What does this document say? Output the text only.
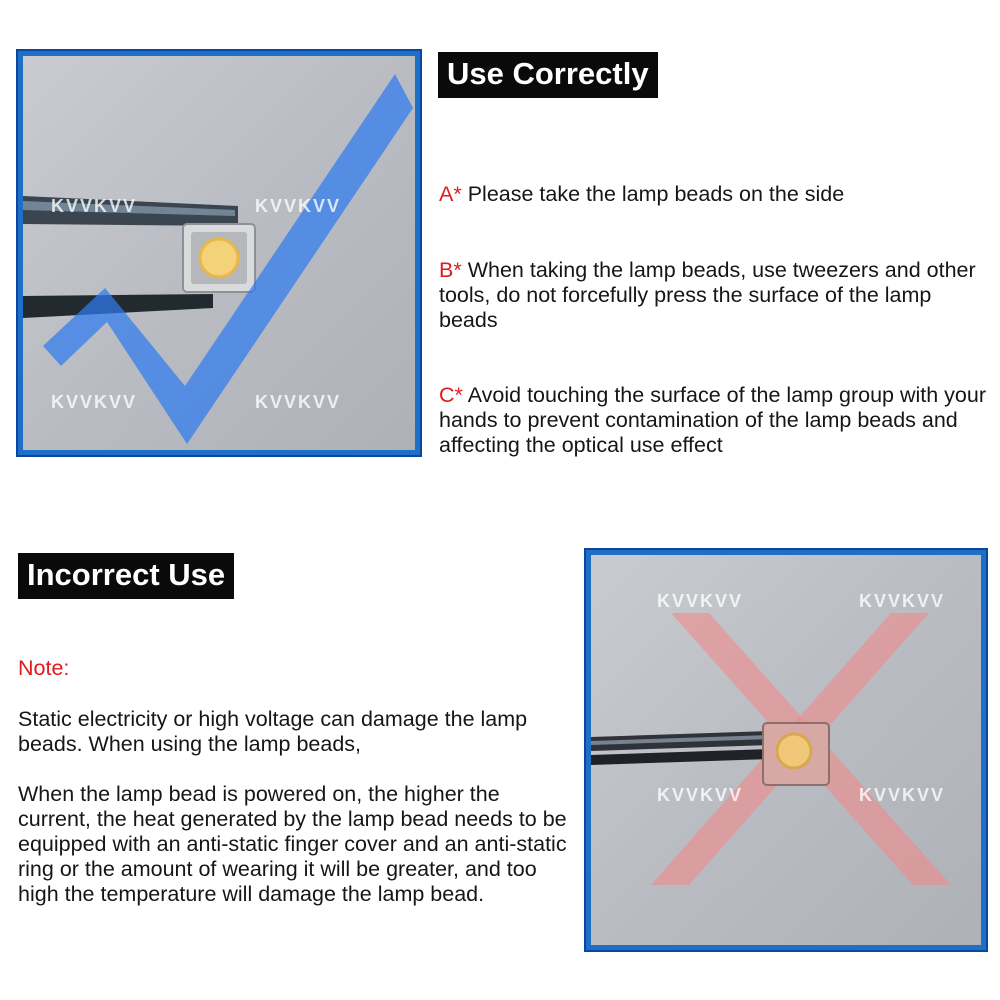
KVVKVV	KVVKVV
KVVKVV	KVVKVV
Use Correctly
A* Please take the lamp beads on the side
B* When taking the lamp beads, use tweezers and other tools, do not forcefully press the surface of the lamp beads
C* Avoid touching the surface of the lamp group with your hands to prevent contamination of the lamp beads and affecting the optical use effect
Incorrect Use
Note:
Static electricity or high voltage can damage the lamp beads. When using the lamp beads,
When the lamp bead is powered on, the higher the current, the heat generated by the lamp bead needs to be equipped with an anti-static finger cover and an anti-static ring or the amount of wearing it will be greater, and too high the temperature will damage the lamp bead.
KVVKVV	KVVKVV
KVVKVV	KVVKVV
